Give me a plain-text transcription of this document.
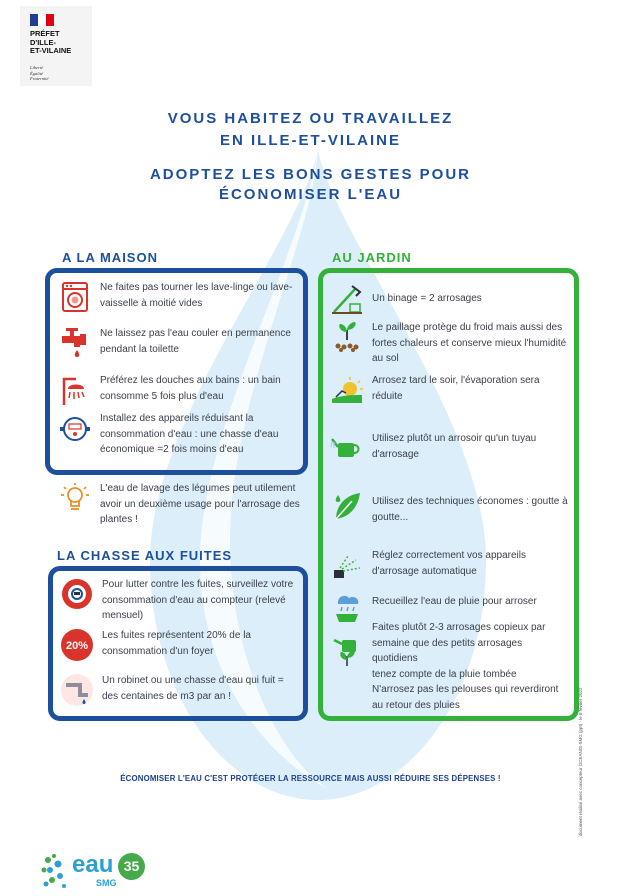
PRÉFET
D'ILLE-
ET-VILAINE
Liberté
Égalité
Fraternité
VOUS HABITEZ OU TRAVAILLEZ
EN ILLE-ET-VILAINE
ADOPTEZ LES BONS GESTES POUR
ÉCONOMISER L'EAU
A LA MAISON	AU JARDIN
LA CHASSE AUX FUITES
Ne faites pas tourner les lave-linge ou lave-vaisselle à moitié vides
Ne laissez pas l'eau couler en permanence pendant la toilette
Préférez les douches aux bains : un bain consomme 5 fois plus d'eau
Installez des appareils réduisant la consommation d'eau : une chasse d'eau économique =2 fois moins d'eau
L'eau de lavage des légumes peut utilement avoir un deuxième usage pour l'arrosage des plantes !
Pour lutter contre les fuites, surveillez votre consommation d'eau au compteur (relevé mensuel)
20%
Les fuites représentent 20% de la consommation d'un foyer
Un robinet ou une chasse d'eau qui fuit = des centaines de m3 par an !
Un binage = 2 arrosages
Le paillage protège du froid mais aussi des fortes chaleurs et conserve mieux l'humidité au sol
Arrosez tard le soir, l'évaporation sera réduite
Utilisez plutôt un arrosoir qu'un tuyau d'arrosage
Utilisez des techniques économes : goutte à goutte...
Réglez correctement vos appareils d'arrosage automatique
Recueillez l'eau de pluie pour arroser
Faites plutôt 2-3 arrosages copieux par semaine que des petits arrosages quotidiens
tenez compte de la pluie tombée
N'arrosez pas les pelouses qui reverdiront au retour des pluies
ÉCONOMISER L'EAU C'EST PROTÉGER LA RESSOURCE MAIS AUSSI RÉDUIRE SES DÉPENSES !	document réalisé avec concepteur OCEANIS-SMG (ppt) - le 8 février 2022
eau 35
SMG
